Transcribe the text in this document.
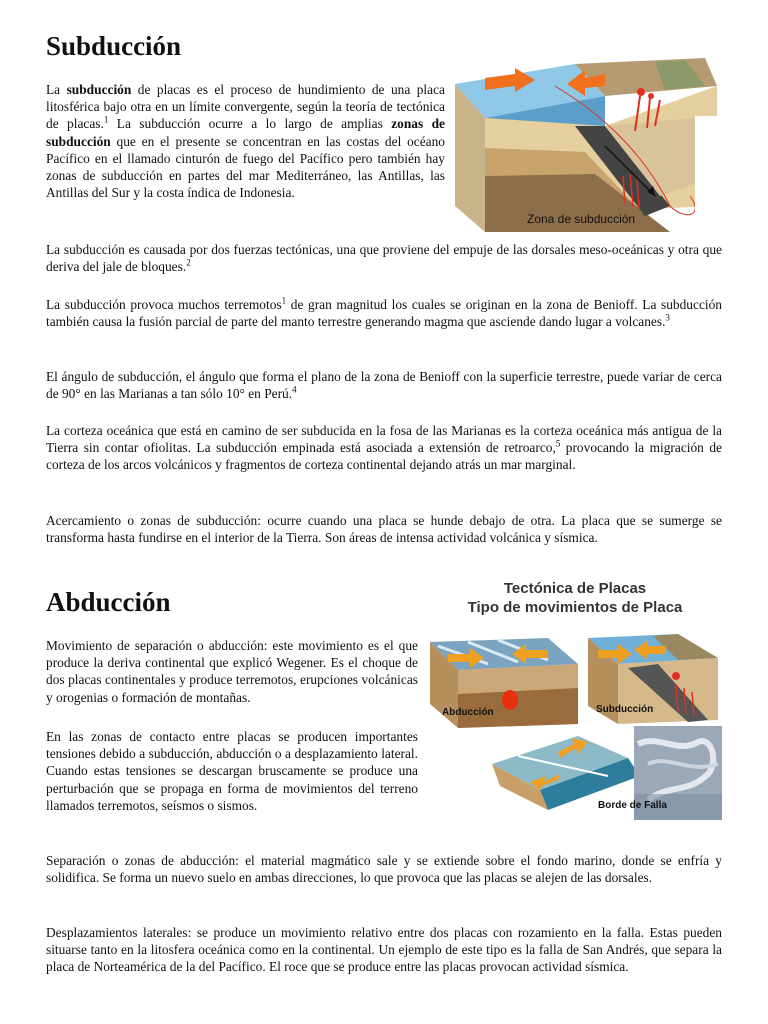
Subducción

La subducción de placas es el proceso de hundimiento de una placa litosférica bajo otra en un límite convergente, según la teoría de tectónica de placas.$^1$ La subducción ocurre a lo largo de amplias zonas de subducción que en el presente se concentran en las costas del océano Pacífico en el llamado cinturón de fuego del Pacífico pero también hay zonas de subducción en partes del mar Mediterráneo, las Antillas, las Antillas del Sur y la costa índica de Indonesia.

Zona de subducción

La subducción es causada por dos fuerzas tectónicas, una que proviene del empuje de las dorsales meso-oceánicas y otra que deriva del jale de bloques.$^2$

La subducción provoca muchos terremotos$^1$ de gran magnitud los cuales se originan en la zona de Benioff. La subducción también causa la fusión parcial de parte del manto terrestre generando magma que asciende dando lugar a volcanes.$^3$

El ángulo de subducción, el ángulo que forma el plano de la zona de Benioff con la superficie terrestre, puede variar de cerca de 90° en las Marianas a tan sólo 10° en Perú.$^4$

La corteza oceánica que está en camino de ser subducida en la fosa de las Marianas es la corteza oceánica más antigua de la Tierra sin contar ofiolitas. La subducción empinada está asociada a extensión de retroarco,$^5$ provocando la migración de corteza de los arcos volcánicos y fragmentos de corteza continental dejando atrás un mar marginal.

Acercamiento o zonas de subducción: ocurre cuando una placa se hunde debajo de otra. La placa que se sumerge se transforma hasta fundirse en el interior de la Tierra. Son áreas de intensa actividad volcánica y sísmica.

Abducción

Movimiento de separación o abducción: este movimiento es el que produce la deriva continental que explicó Wegener. Es el choque de dos placas continentales y produce terremotos, erupciones volcánicas y orogenias o formación de montañas.

En las zonas de contacto entre placas se producen importantes tensiones debido a subducción, abducción o a desplazamiento lateral. Cuando estas tensiones se descargan bruscamente se produce una perturbación que se propaga en forma de movimientos del terreno llamados terremotos, seísmos o sismos.

Tectónica de Placas
Tipo de movimientos de Placa
Abducción	Subducción
Borde de Falla

Separación o zonas de abducción: el material magmático sale y se extiende sobre el fondo marino, donde se enfría y solidifica. Se forma un nuevo suelo en ambas direcciones, lo que provoca que las placas se alejen de las dorsales.

Desplazamientos laterales: se produce un movimiento relativo entre dos placas con rozamiento en la falla. Estas pueden situarse tanto en la litosfera oceánica como en la continental. Un ejemplo de este tipo es la falla de San Andrés, que separa la placa de Norteamérica de la del Pacífico. El roce que se produce entre las placas provocan actividad sísmica.
